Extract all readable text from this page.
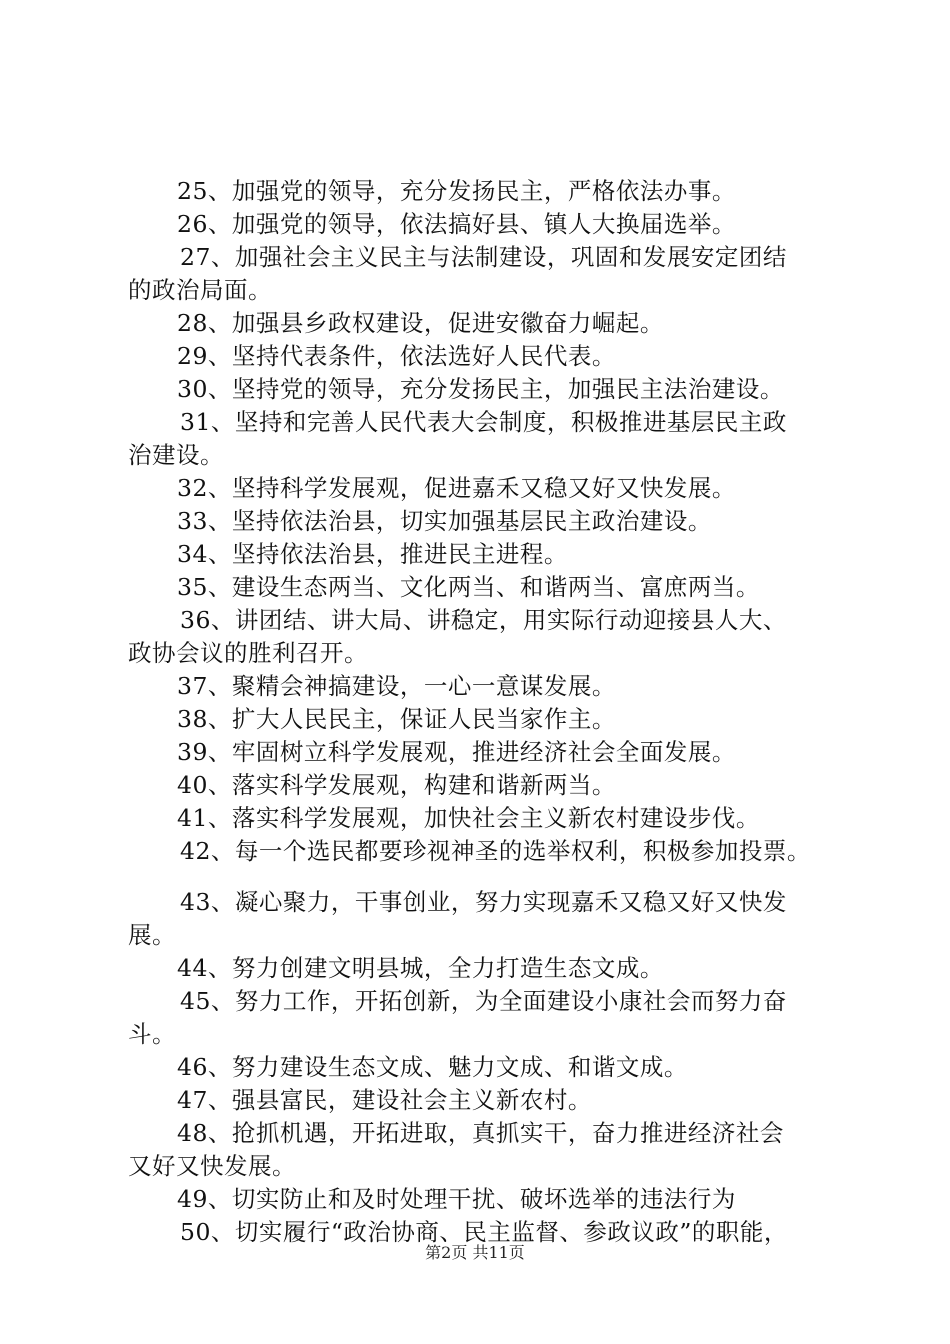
25、加强党的领导，充分发扬民主，严格依法办事。
26、加强党的领导，依法搞好县、镇人大换届选举。
27、加强社会主义民主与法制建设，巩固和发展安定团结
的政治局面。
28、加强县乡政权建设，促进安徽奋力崛起。
29、坚持代表条件，依法选好人民代表。
30、坚持党的领导，充分发扬民主，加强民主法治建设。
31、坚持和完善人民代表大会制度，积极推进基层民主政
治建设。
32、坚持科学发展观，促进嘉禾又稳又好又快发展。
33、坚持依法治县，切实加强基层民主政治建设。
34、坚持依法治县，推进民主进程。
35、建设生态两当、文化两当、和谐两当、富庶两当。
36、讲团结、讲大局、讲稳定，用实际行动迎接县人大、
政协会议的胜利召开。
37、聚精会神搞建设，一心一意谋发展。
38、扩大人民民主，保证人民当家作主。
39、牢固树立科学发展观，推进经济社会全面发展。
40、落实科学发展观，构建和谐新两当。
41、落实科学发展观，加快社会主义新农村建设步伐。
42、每一个选民都要珍视神圣的选举权利，积极参加投票。
43、凝心聚力，干事创业，努力实现嘉禾又稳又好又快发
展。
44、努力创建文明县城，全力打造生态文成。
45、努力工作，开拓创新，为全面建设小康社会而努力奋
斗。
46、努力建设生态文成、魅力文成、和谐文成。
47、强县富民，建设社会主义新农村。
48、抢抓机遇，开拓进取，真抓实干，奋力推进经济社会
又好又快发展。
49、切实防止和及时处理干扰、破坏选举的违法行为
50、切实履行“政治协商、民主监督、参政议政”的职能，
第2页 共11页
